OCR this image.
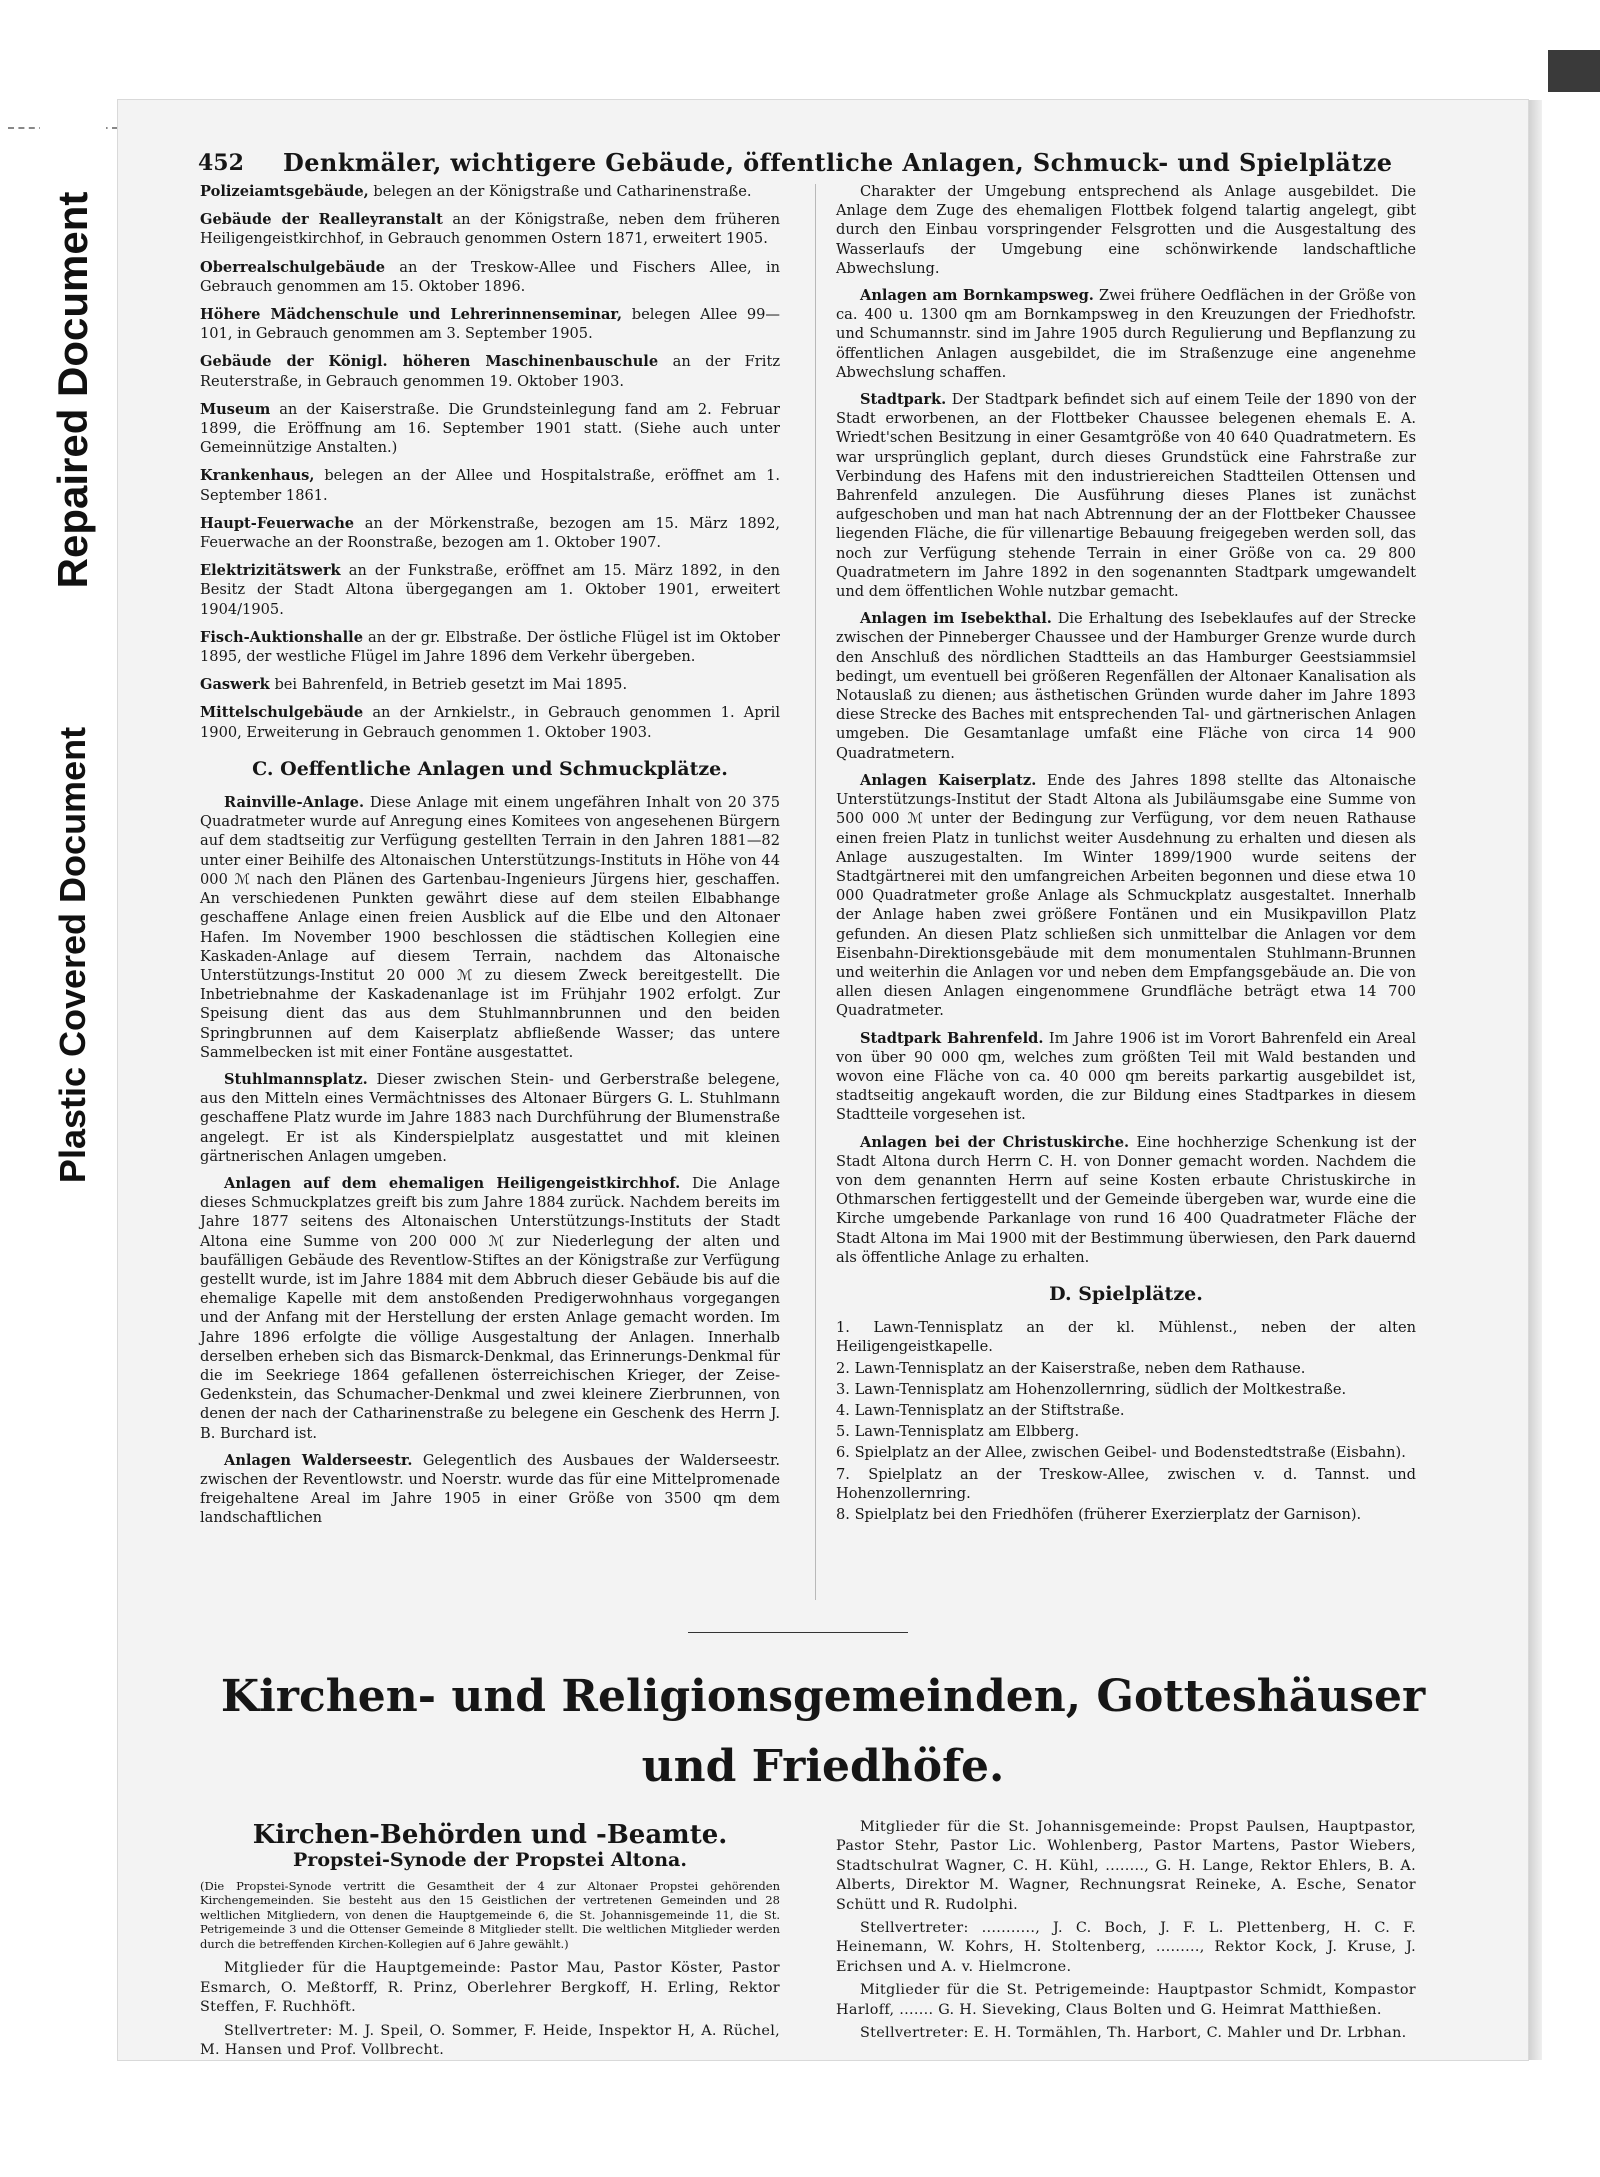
Repaired Document
Plastic Covered Document
452 Denkmäler, wichtigere Gebäude, öffentliche Anlagen, Schmuck- und Spielplätze
Polizeiamtsgebäude, belegen an der Königstraße und Catharinenstraße.
Gebäude der Realleyranstalt an der Königstraße, neben dem früheren Heiligengeistkirchhof, in Gebrauch genommen Ostern 1871, erweitert 1905.
Oberrealschulgebäude an der Treskow-Allee und Fischers Allee, in Gebrauch genommen am 15. Oktober 1896.
Höhere Mädchenschule und Lehrerinnenseminar, belegen Allee 99—101, in Gebrauch genommen am 3. September 1905.
Gebäude der Königl. höheren Maschinenbauschule an der Fritz Reuterstraße, in Gebrauch genommen 19. Oktober 1903.
Museum an der Kaiserstraße. Die Grundsteinlegung fand am 2. Februar 1899, die Eröffnung am 16. September 1901 statt. (Siehe auch unter Gemeinnützige Anstalten.)
Krankenhaus, belegen an der Allee und Hospitalstraße, eröffnet am 1. September 1861.
Haupt-Feuerwache an der Mörkenstraße, bezogen am 15. März 1892, Feuerwache an der Roonstraße, bezogen am 1. Oktober 1907.
Elektrizitätswerk an der Funkstraße, eröffnet am 15. März 1892, in den Besitz der Stadt Altona übergegangen am 1. Oktober 1901, erweitert 1904/1905.
Fisch-Auktionshalle an der gr. Elbstraße. Der östliche Flügel ist im Oktober 1895, der westliche Flügel im Jahre 1896 dem Verkehr übergeben.
Gaswerk bei Bahrenfeld, in Betrieb gesetzt im Mai 1895.
Mittelschulgebäude an der Arnkielstr., in Gebrauch genommen 1. April 1900, Erweiterung in Gebrauch genommen 1. Oktober 1903.
C. Oeffentliche Anlagen und Schmuckplätze.
Rainville-Anlage. Diese Anlage mit einem ungefähren Inhalt von 20 375 Quadratmeter wurde auf Anregung eines Komitees von angesehenen Bürgern auf dem stadtseitig zur Verfügung gestellten Terrain in den Jahren 1881—82 unter einer Beihilfe des Altonaischen Unterstützungs-Instituts in Höhe von 44 000 ℳ nach den Plänen des Gartenbau-Ingenieurs Jürgens hier, geschaffen. An verschiedenen Punkten gewährt diese auf dem steilen Elbabhange geschaffene Anlage einen freien Ausblick auf die Elbe und den Altonaer Hafen. Im November 1900 beschlossen die städtischen Kollegien eine Kaskaden-Anlage auf diesem Terrain, nachdem das Altonaische Unterstützungs-Institut 20 000 ℳ zu diesem Zweck bereitgestellt. Die Inbetriebnahme der Kaskadenanlage ist im Frühjahr 1902 erfolgt. Zur Speisung dient das aus dem Stuhlmannbrunnen und den beiden Springbrunnen auf dem Kaiserplatz abfließende Wasser; das untere Sammelbecken ist mit einer Fontäne ausgestattet.
Stuhlmannsplatz. Dieser zwischen Stein- und Gerberstraße belegene, aus den Mitteln eines Vermächtnisses des Altonaer Bürgers G. L. Stuhlmann geschaffene Platz wurde im Jahre 1883 nach Durchführung der Blumenstraße angelegt. Er ist als Kinderspielplatz ausgestattet und mit kleinen gärtnerischen Anlagen umgeben.
Anlagen auf dem ehemaligen Heiligengeistkirchhof. Die Anlage dieses Schmuckplatzes greift bis zum Jahre 1884 zurück. Nachdem bereits im Jahre 1877 seitens des Altonaischen Unterstützungs-Instituts der Stadt Altona eine Summe von 200 000 ℳ zur Niederlegung der alten und baufälligen Gebäude des Reventlow-Stiftes an der Königstraße zur Verfügung gestellt wurde, ist im Jahre 1884 mit dem Abbruch dieser Gebäude bis auf die ehemalige Kapelle mit dem anstoßenden Predigerwohnhaus vorgegangen und der Anfang mit der Herstellung der ersten Anlage gemacht worden. Im Jahre 1896 erfolgte die völlige Ausgestaltung der Anlagen. Innerhalb derselben erheben sich das Bismarck-Denkmal, das Erinnerungs-Denkmal für die im Seekriege 1864 gefallenen österreichischen Krieger, der Zeise-Gedenkstein, das Schumacher-Denkmal und zwei kleinere Zierbrunnen, von denen der nach der Catharinenstraße zu belegene ein Geschenk des Herrn J. B. Burchard ist.
Anlagen Walderseestr. Gelegentlich des Ausbaues der Walderseestr. zwischen der Reventlowstr. und Noerstr. wurde das für eine Mittelpromenade freigehaltene Areal im Jahre 1905 in einer Größe von 3500 qm dem landschaftlichen
Charakter der Umgebung entsprechend als Anlage ausgebildet. Die Anlage dem Zuge des ehemaligen Flottbek folgend talartig angelegt, gibt durch den Einbau vorspringender Felsgrotten und die Ausgestaltung des Wasserlaufs der Umgebung eine schönwirkende landschaftliche Abwechslung.
Anlagen am Bornkampsweg. Zwei frühere Oedflächen in der Größe von ca. 400 u. 1300 qm am Bornkampsweg in den Kreuzungen der Friedhofstr. und Schumannstr. sind im Jahre 1905 durch Regulierung und Bepflanzung zu öffentlichen Anlagen ausgebildet, die im Straßenzuge eine angenehme Abwechslung schaffen.
Stadtpark. Der Stadtpark befindet sich auf einem Teile der 1890 von der Stadt erworbenen, an der Flottbeker Chaussee belegenen ehemals E. A. Wriedt'schen Besitzung in einer Gesamtgröße von 40 640 Quadratmetern. Es war ursprünglich geplant, durch dieses Grundstück eine Fahrstraße zur Verbindung des Hafens mit den industriereichen Stadtteilen Ottensen und Bahrenfeld anzulegen. Die Ausführung dieses Planes ist zunächst aufgeschoben und man hat nach Abtrennung der an der Flottbeker Chaussee liegenden Fläche, die für villenartige Bebauung freigegeben werden soll, das noch zur Verfügung stehende Terrain in einer Größe von ca. 29 800 Quadratmetern im Jahre 1892 in den sogenannten Stadtpark umgewandelt und dem öffentlichen Wohle nutzbar gemacht.
Anlagen im Isebekthal. Die Erhaltung des Isebeklaufes auf der Strecke zwischen der Pinneberger Chaussee und der Hamburger Grenze wurde durch den Anschluß des nördlichen Stadtteils an das Hamburger Geestsiammsiel bedingt, um eventuell bei größeren Regenfällen der Altonaer Kanalisation als Notauslaß zu dienen; aus ästhetischen Gründen wurde daher im Jahre 1893 diese Strecke des Baches mit entsprechenden Tal- und gärtnerischen Anlagen umgeben. Die Gesamtanlage umfaßt eine Fläche von circa 14 900 Quadratmetern.
Anlagen Kaiserplatz. Ende des Jahres 1898 stellte das Altonaische Unterstützungs-Institut der Stadt Altona als Jubiläumsgabe eine Summe von 500 000 ℳ unter der Bedingung zur Verfügung, vor dem neuen Rathause einen freien Platz in tunlichst weiter Ausdehnung zu erhalten und diesen als Anlage auszugestalten. Im Winter 1899/1900 wurde seitens der Stadtgärtnerei mit den umfangreichen Arbeiten begonnen und diese etwa 10 000 Quadratmeter große Anlage als Schmuckplatz ausgestaltet. Innerhalb der Anlage haben zwei größere Fontänen und ein Musikpavillon Platz gefunden. An diesen Platz schließen sich unmittelbar die Anlagen vor dem Eisenbahn-Direktionsgebäude mit dem monumentalen Stuhlmann-Brunnen und weiterhin die Anlagen vor und neben dem Empfangsgebäude an. Die von allen diesen Anlagen eingenommene Grundfläche beträgt etwa 14 700 Quadratmeter.
Stadtpark Bahrenfeld. Im Jahre 1906 ist im Vorort Bahrenfeld ein Areal von über 90 000 qm, welches zum größten Teil mit Wald bestanden und wovon eine Fläche von ca. 40 000 qm bereits parkartig ausgebildet ist, stadtseitig angekauft worden, die zur Bildung eines Stadtparkes in diesem Stadtteile vorgesehen ist.
Anlagen bei der Christuskirche. Eine hochherzige Schenkung ist der Stadt Altona durch Herrn C. H. von Donner gemacht worden. Nachdem die von dem genannten Herrn auf seine Kosten erbaute Christuskirche in Othmarschen fertiggestellt und der Gemeinde übergeben war, wurde eine die Kirche umgebende Parkanlage von rund 16 400 Quadratmeter Fläche der Stadt Altona im Mai 1900 mit der Bestimmung überwiesen, den Park dauernd als öffentliche Anlage zu erhalten.
D. Spielplätze.
1. Lawn-Tennisplatz an der kl. Mühlenst., neben der alten Heiligengeistkapelle.
2. Lawn-Tennisplatz an der Kaiserstraße, neben dem Rathause.
3. Lawn-Tennisplatz am Hohenzollernring, südlich der Moltkestraße.
4. Lawn-Tennisplatz an der Stiftstraße.
5. Lawn-Tennisplatz am Elbberg.
6. Spielplatz an der Allee, zwischen Geibel- und Bodenstedtstraße (Eisbahn).
7. Spielplatz an der Treskow-Allee, zwischen v. d. Tannst. und Hohenzollernring.
8. Spielplatz bei den Friedhöfen (früherer Exerzierplatz der Garnison).
Kirchen- und Religionsgemeinden, Gotteshäuser
und Friedhöfe.
Kirchen-Behörden und -Beamte.
Propstei-Synode der Propstei Altona.
(Die Propstei-Synode vertritt die Gesamtheit der 4 zur Altonaer Propstei gehörenden Kirchengemeinden. Sie besteht aus den 15 Geistlichen der vertretenen Gemeinden und 28 weltlichen Mitgliedern, von denen die Hauptgemeinde 6, die St. Johannisgemeinde 11, die St. Petrigemeinde 3 und die Ottenser Gemeinde 8 Mitglieder stellt. Die weltlichen Mitglieder werden durch die betreffenden Kirchen-Kollegien auf 6 Jahre gewählt.)
Mitglieder für die Hauptgemeinde: Pastor Mau, Pastor Köster, Pastor Esmarch, O. Meßtorff, R. Prinz, Oberlehrer Bergkoff, H. Erling, Rektor Steffen, F. Ruchhöft.
Stellvertreter: M. J. Speil, O. Sommer, F. Heide, Inspektor H, A. Rüchel, M. Hansen und Prof. Vollbrecht.
Mitglieder für die St. Johannisgemeinde: Propst Paulsen, Hauptpastor, Pastor Stehr, Pastor Lic. Wohlenberg, Pastor Martens, Pastor Wiebers, Stadtschulrat Wagner, C. H. Kühl, ........, G. H. Lange, Rektor Ehlers, B. A. Alberts, Direktor M. Wagner, Rechnungsrat Reineke, A. Esche, Senator Schütt und R. Rudolphi.
Stellvertreter: ..........., J. C. Boch, J. F. L. Plettenberg, H. C. F. Heinemann, W. Kohrs, H. Stoltenberg, ........., Rektor Kock, J. Kruse, J. Erichsen und A. v. Hielmcrone.
Mitglieder für die St. Petrigemeinde: Hauptpastor Schmidt, Kompastor Harloff, ....... G. H. Sieveking, Claus Bolten und G. Heimrat Matthießen.
Stellvertreter: E. H. Tormählen, Th. Harbort, C. Mahler und Dr. Lrbhan.
